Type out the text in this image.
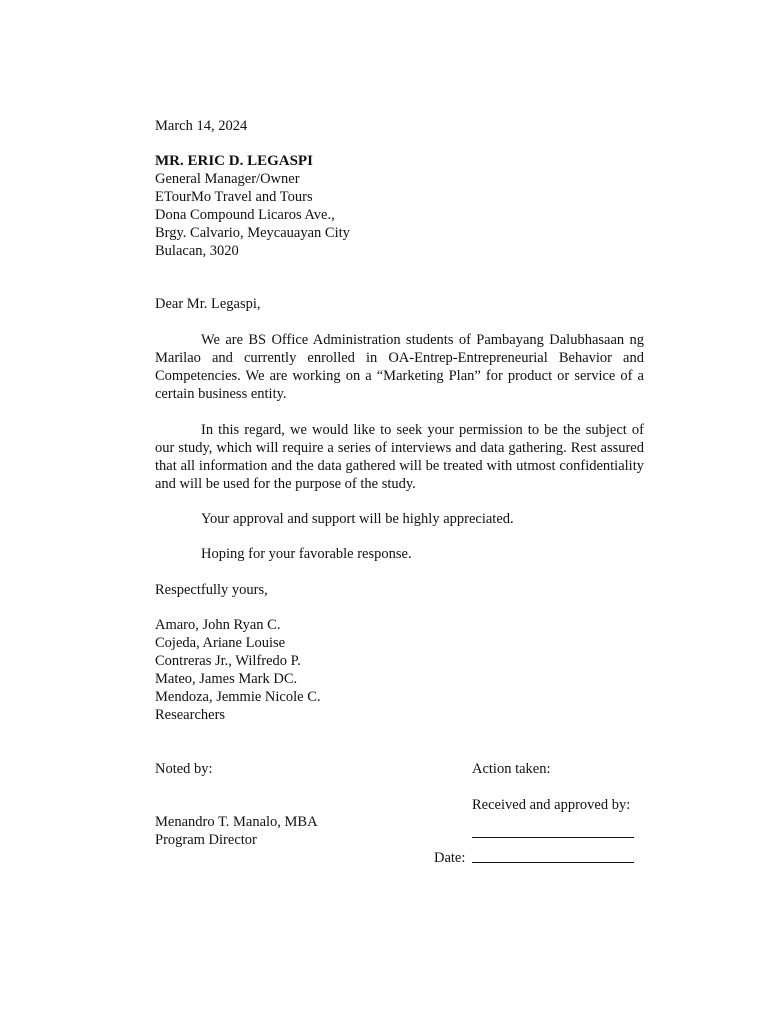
March 14, 2024
MR. ERIC D. LEGASPI
General Manager/Owner
ETourMo Travel and Tours
Dona Compound Licaros Ave.,
Brgy. Calvario, Meycauayan City
Bulacan, 3020
Dear Mr. Legaspi,
We are BS Office Administration students of Pambayang Dalubhasaan ng Marilao and currently enrolled in OA-Entrep-Entrepreneurial Behavior and Competencies. We are working on a “Marketing Plan” for product or service of a certain business entity.
In this regard, we would like to seek your permission to be the subject of our study, which will require a series of interviews and data gathering. Rest assured that all information and the data gathered will be treated with utmost confidentiality and will be used for the purpose of the study.
Your approval and support will be highly appreciated.
Hoping for your favorable response.
Respectfully yours,
Amaro, John Ryan C.
Cojeda, Ariane Louise
Contreras Jr., Wilfredo P.
Mateo, James Mark DC.
Mendoza, Jemmie Nicole C.
Researchers
Noted by:	Action taken:
Received and approved by:
Menandro T. Manalo, MBA
Program Director
Date:
